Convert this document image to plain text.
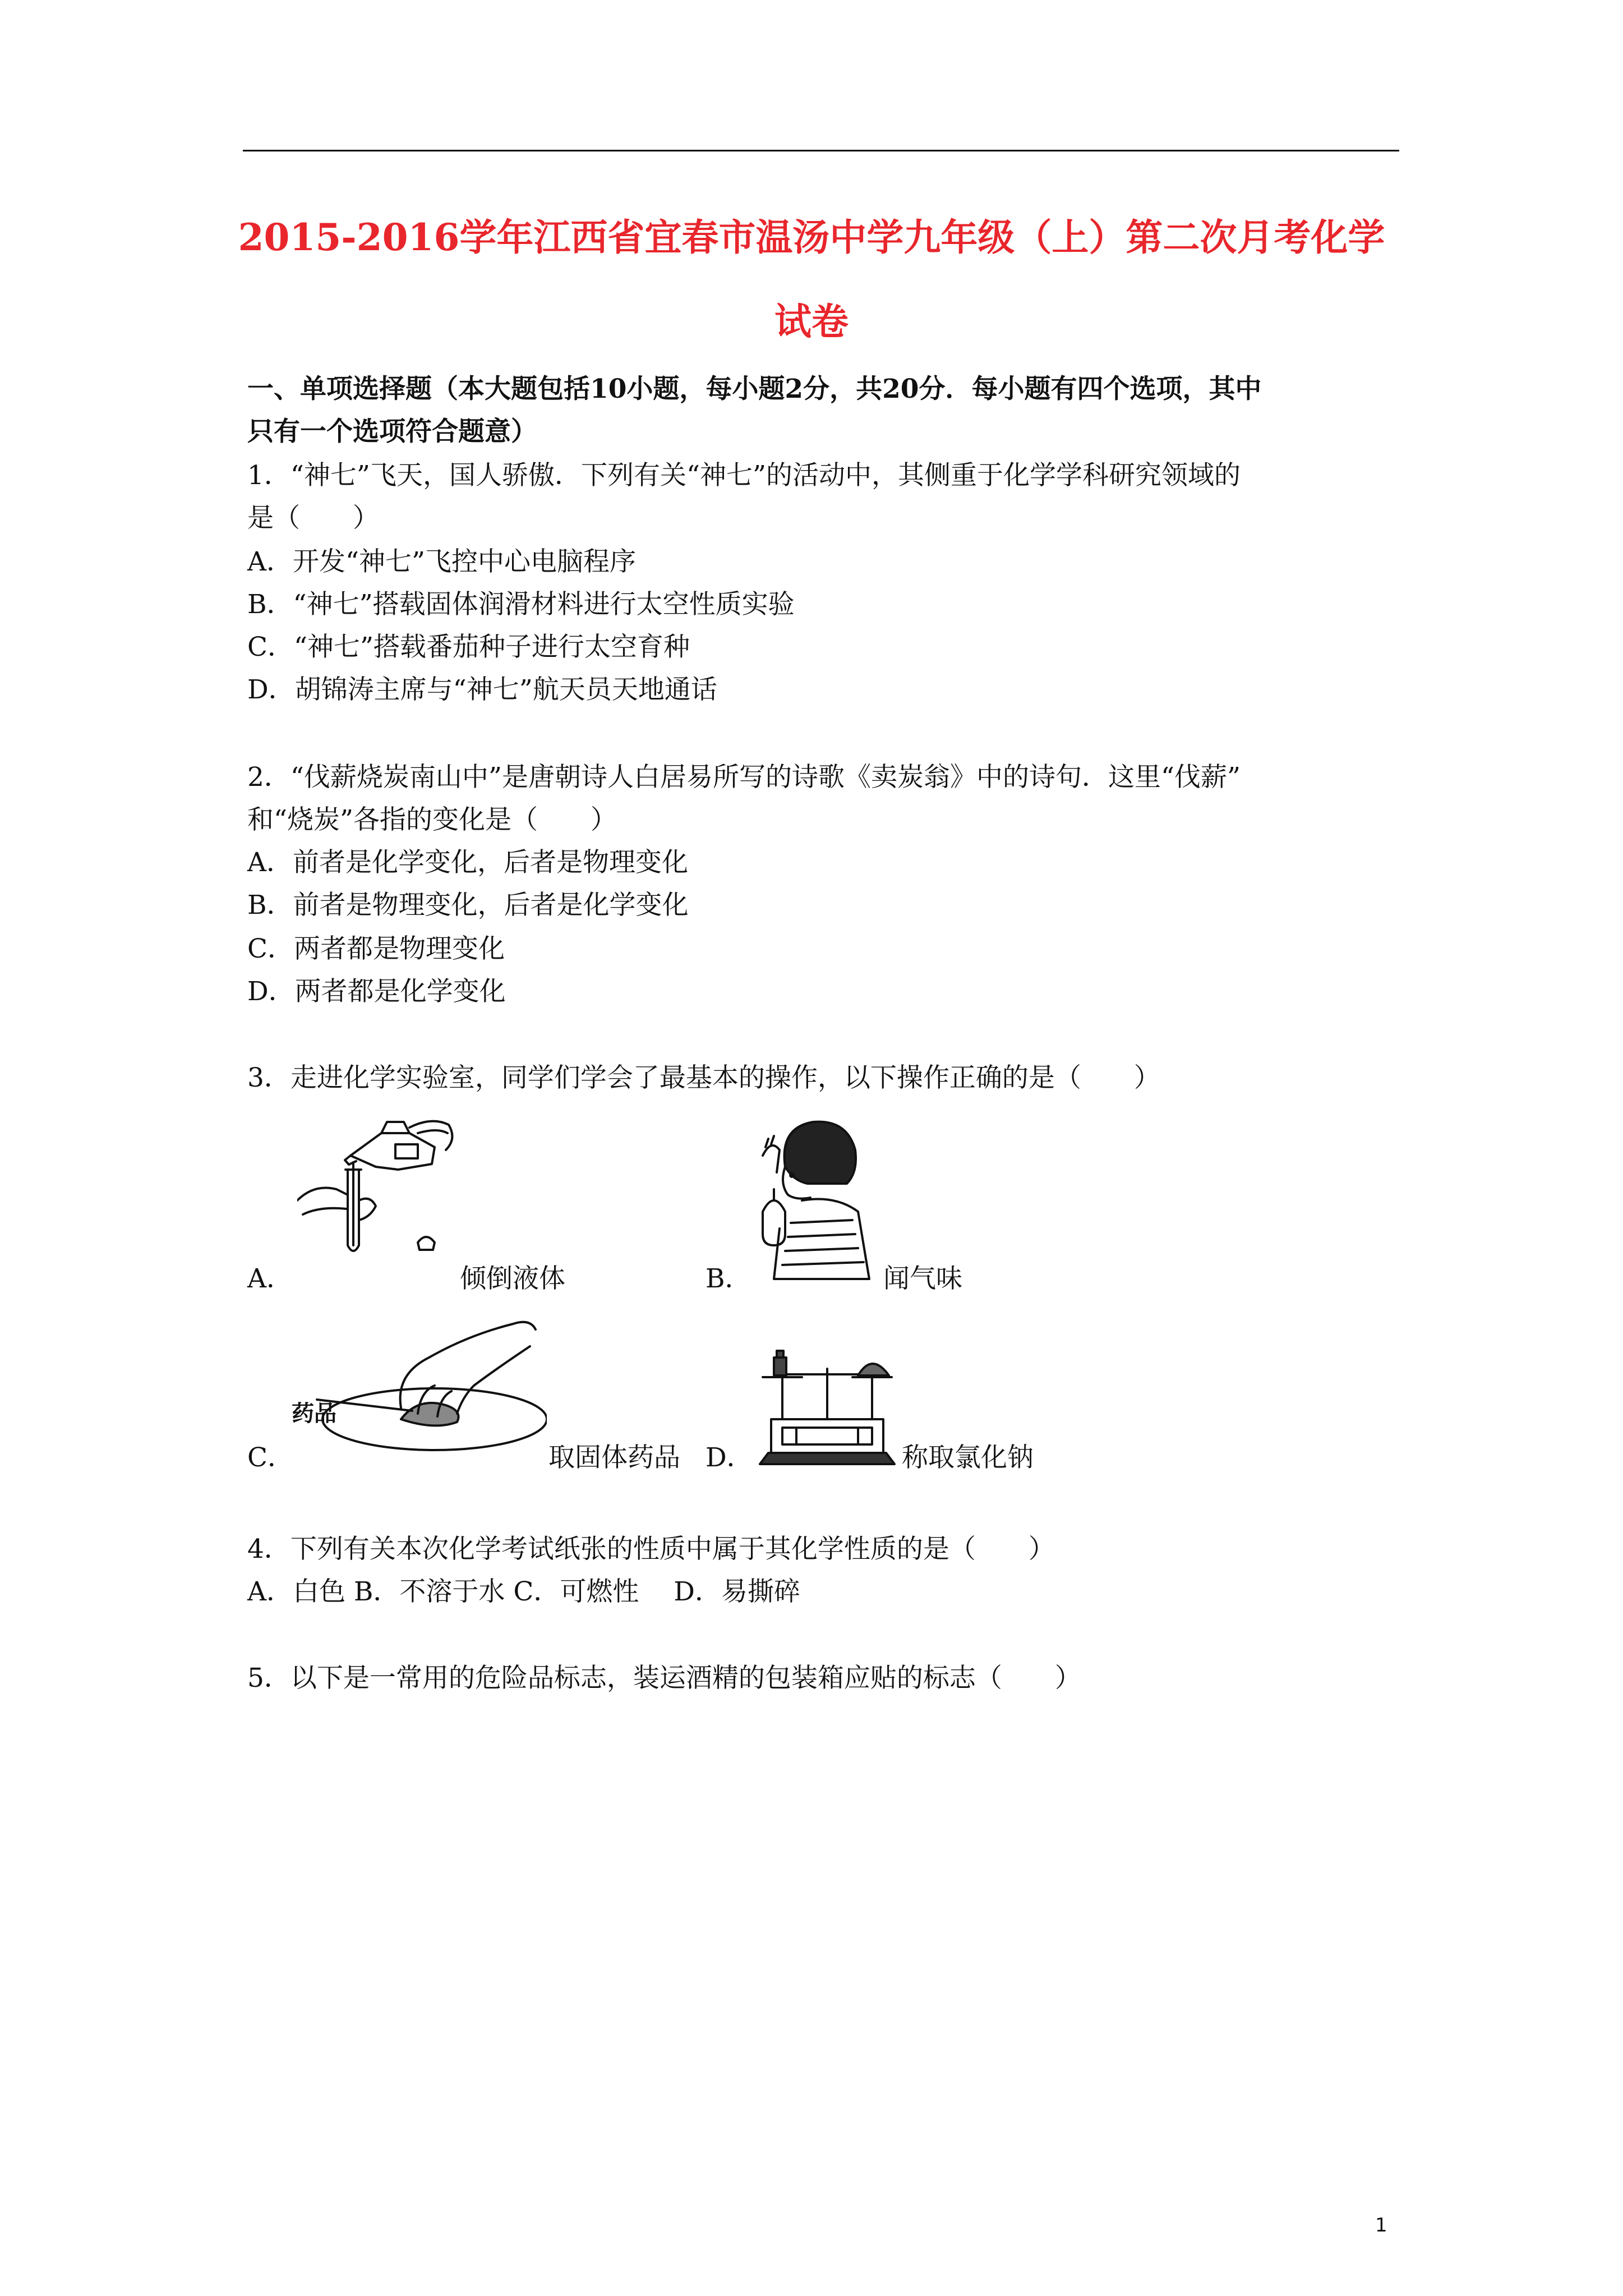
2015-2016学年江西省宜春市温汤中学九年级（上）第二次月考化学
试卷
一、单项选择题（本大题包括10小题，每小题2分，共20分．每小题有四个选项，其中
只有一个选项符合题意）
1．“神七”飞天，国人骄傲．下列有关“神七”的活动中，其侧重于化学学科研究领域的
是（　　）
A．开发“神七”飞控中心电脑程序
B．“神七”搭载固体润滑材料进行太空性质实验
C．“神七”搭载番茄种子进行太空育种
D．胡锦涛主席与“神七”航天员天地通话
2．“伐薪烧炭南山中”是唐朝诗人白居易所写的诗歌《卖炭翁》中的诗句．这里“伐薪”
和“烧炭”各指的变化是（　　）
A．前者是化学变化，后者是物理变化
B．前者是物理变化，后者是化学变化
C．两者都是物理变化
D．两者都是化学变化
3．走进化学实验室，同学们学会了最基本的操作，以下操作正确的是（　　）
A．	倾倒液体	B．	闻气味
药品
C．	取固体药品 D．	称取氯化钠
4．下列有关本次化学考试纸张的性质中属于其化学性质的是（　　）
A．白色 B．不溶于水 C．可燃性　 D．易撕碎
5．以下是一常用的危险品标志，装运酒精的包装箱应贴的标志（　　）
1
